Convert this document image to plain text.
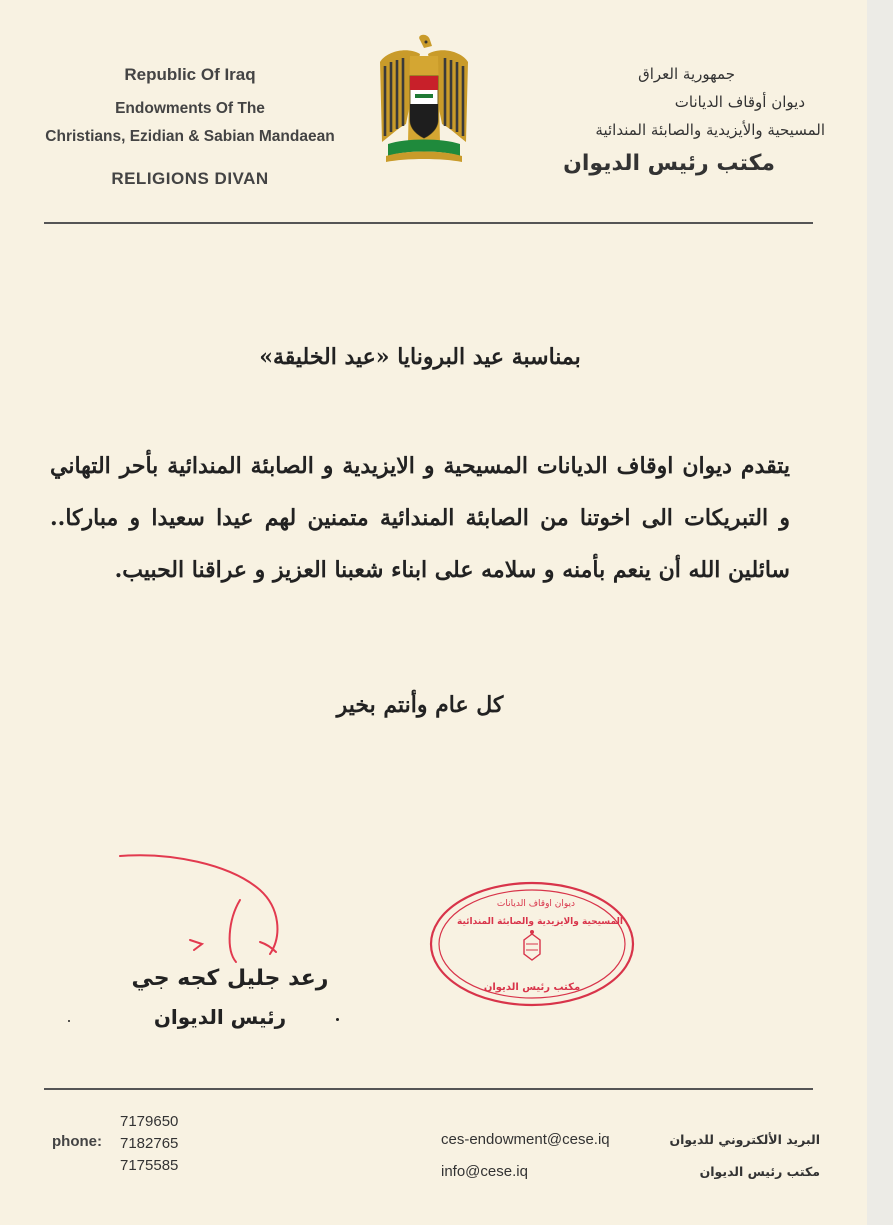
Republic Of Iraq
Endowments Of The
Christians, Ezidian & Sabian Mandaean
RELIGIONS DIVAN
جمهورية العراق
ديوان أوقاف الديانات
المسيحية والأيزيدية والصابئة المندائية
مكتب رئيس الديوان
بمناسبة عيد البرونايا «عيد الخليقة»
يتقدم ديوان اوقاف الديانات المسيحية و الايزيدية و الصابئة المندائية بأحر التهاني و التبريكات الى اخوتنا من الصابئة المندائية متمنين لهم عيدا سعيدا و مباركا.. سائلين الله أن ينعم بأمنه و سلامه على ابناء شعبنا العزيز و عراقنا الحبيب.
كل عام وأنتم بخير
رعد جليل كجه جي
رئيس الديوان
ديوان اوقاف الديانات
المسيحية والايزيدية والصابئة المندائية
مكتب رئيس الديوان
phone:
7179650
7182765
7175585
ces-endowment@cese.iq
info@cese.iq
البريد الألكتروني للديوان
مكتب رئيس الديوان
